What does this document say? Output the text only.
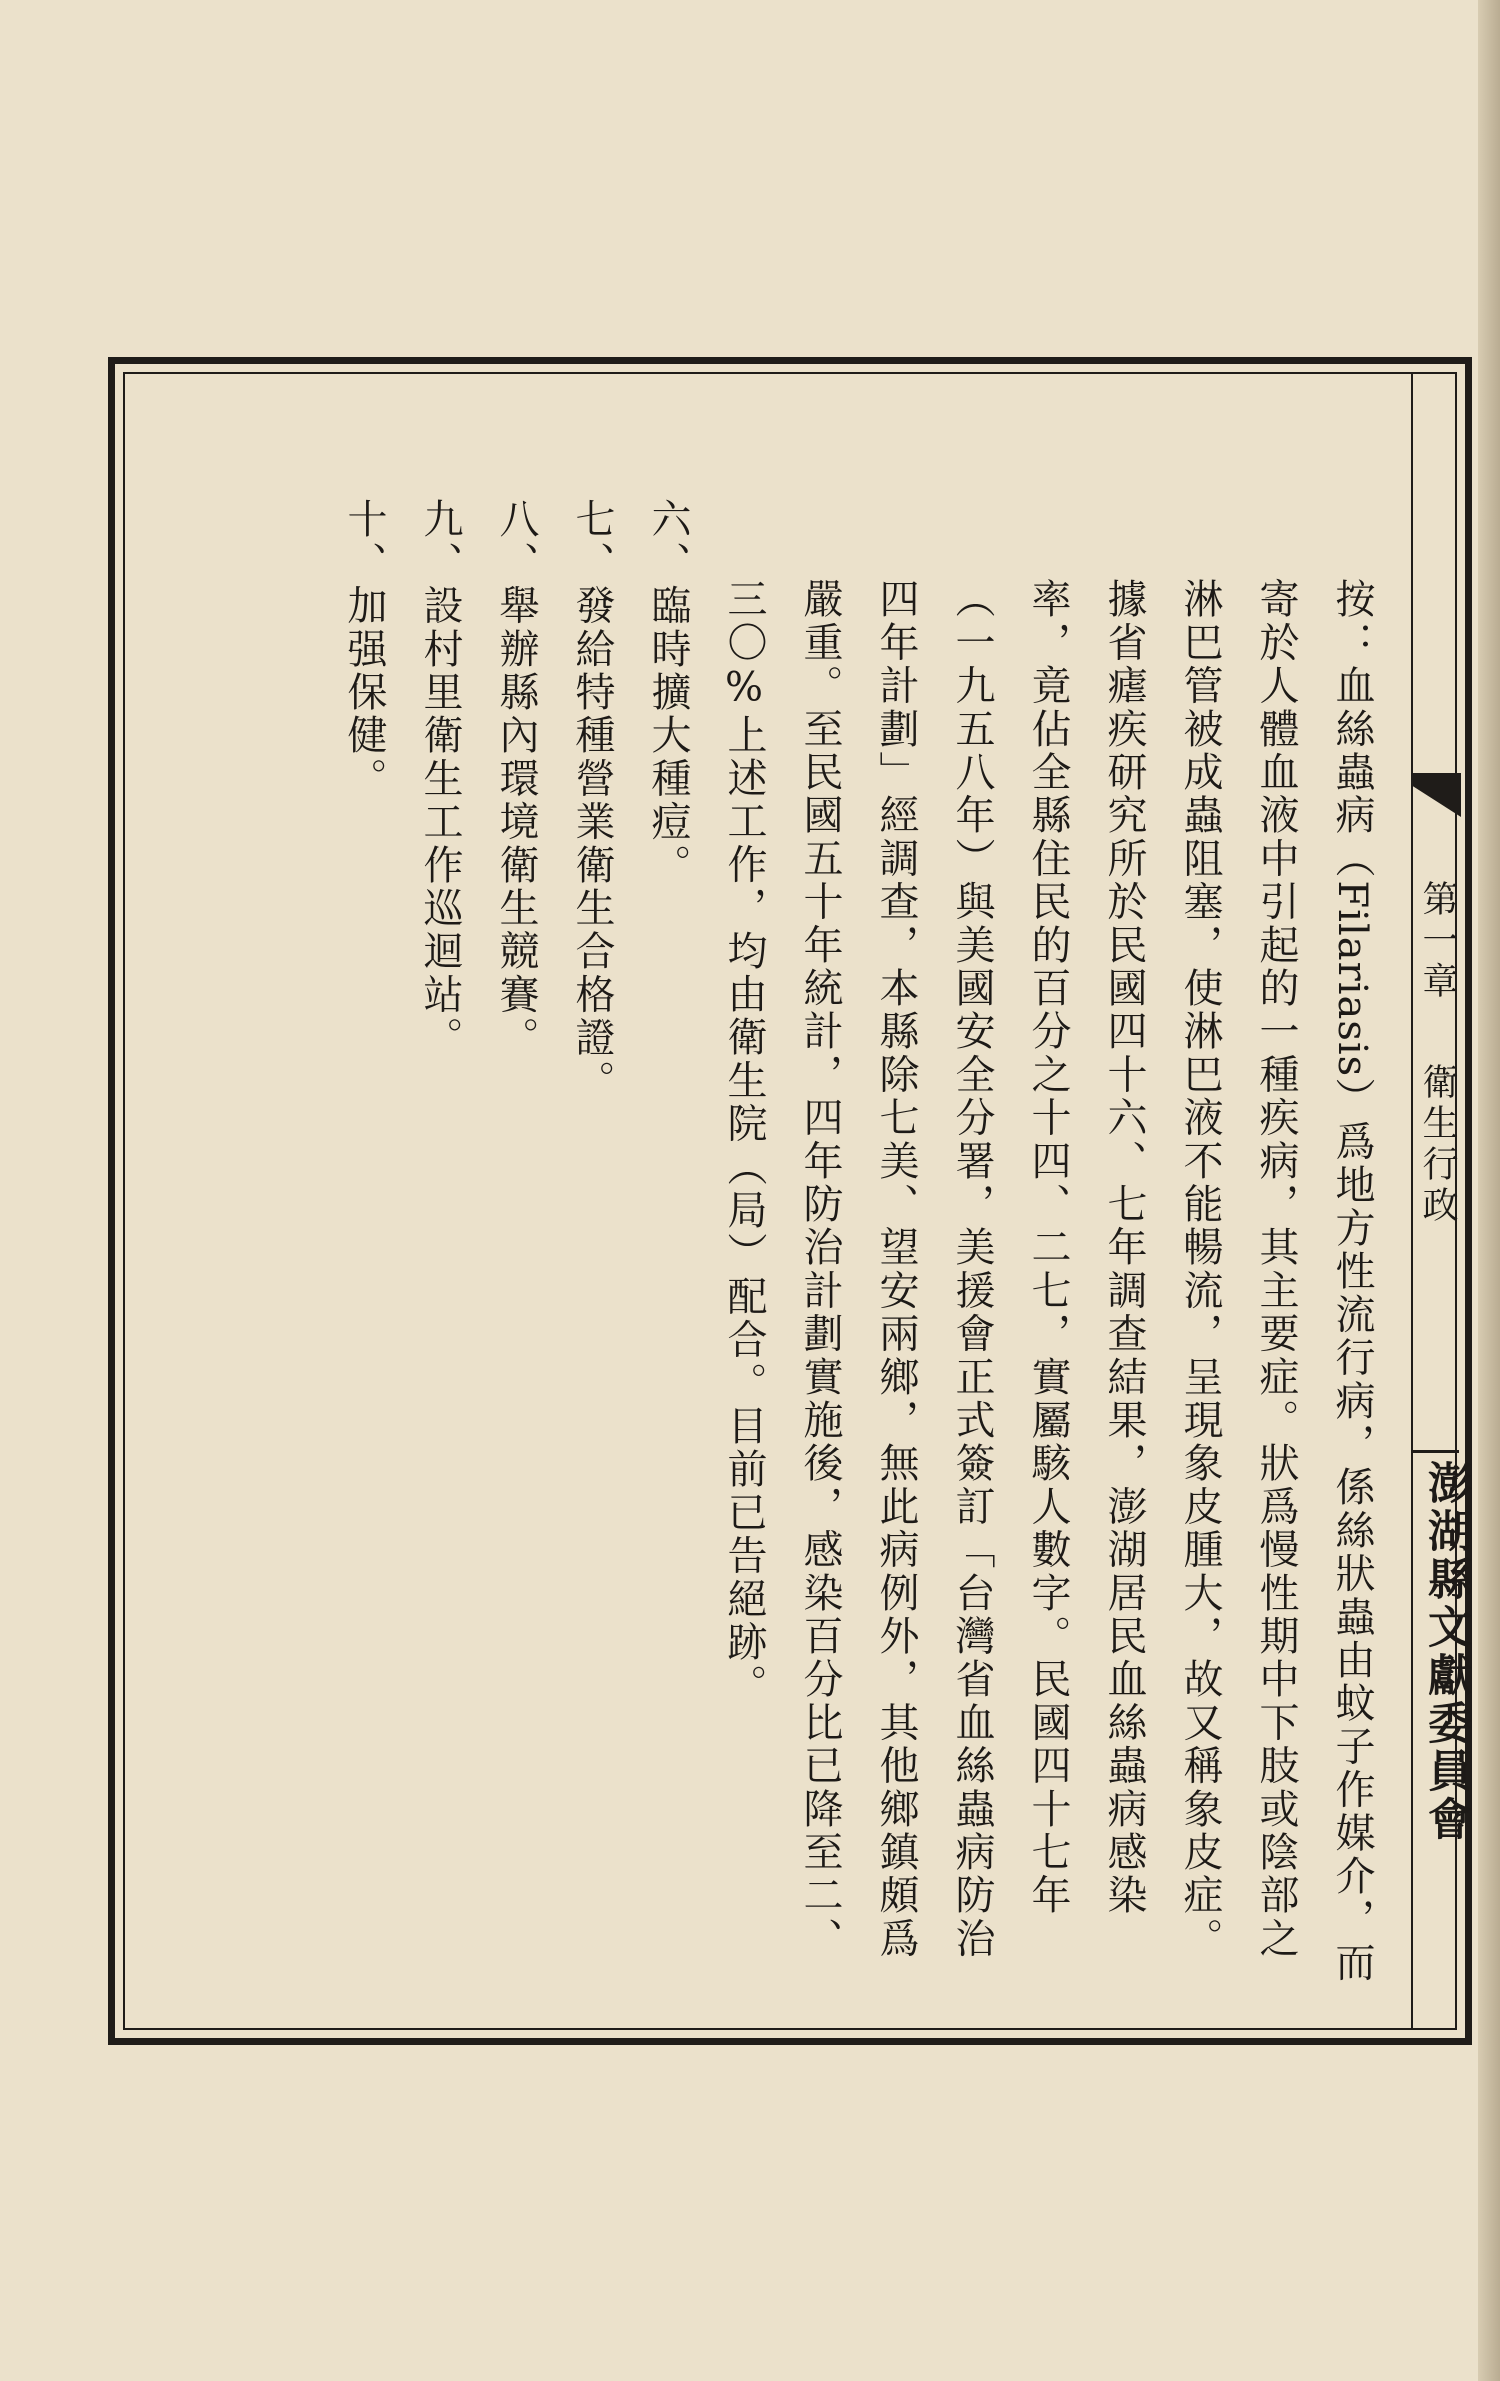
第一章衛生行政
澎湖縣文獻委員會

按：血絲蟲病（Filariasis）爲地方性流行病，係絲狀蟲由蚊子作媒介，而寄於人體血液中引起的一種疾病，其主要症。狀爲慢性期中下肢或陰部之淋巴管被成蟲阻塞，使淋巴液不能暢流，呈現象皮腫大，故又稱象皮症。

據省瘧疾研究所於民國四十六、七年調查結果，澎湖居民血絲蟲病感染率，竟佔全縣住民的百分之十四、二七，實屬駭人數字。民國四十七年（一九五八年）與美國安全分署，美援會正式簽訂「台灣省血絲蟲病防治四年計劃」經調查，本縣除七美、望安兩鄉，無此病例外，其他鄉鎮頗爲嚴重。至民國五十年統計，四年防治計劃實施後，感染百分比已降至二、三〇%上述工作，均由衛生院（局）配合。目前已告絕跡。

六、臨時擴大種痘。

七、發給特種營業衛生合格證。

八、舉辦縣內環境衛生競賽。

九、設村里衛生工作巡迴站。

十、加强保健。
